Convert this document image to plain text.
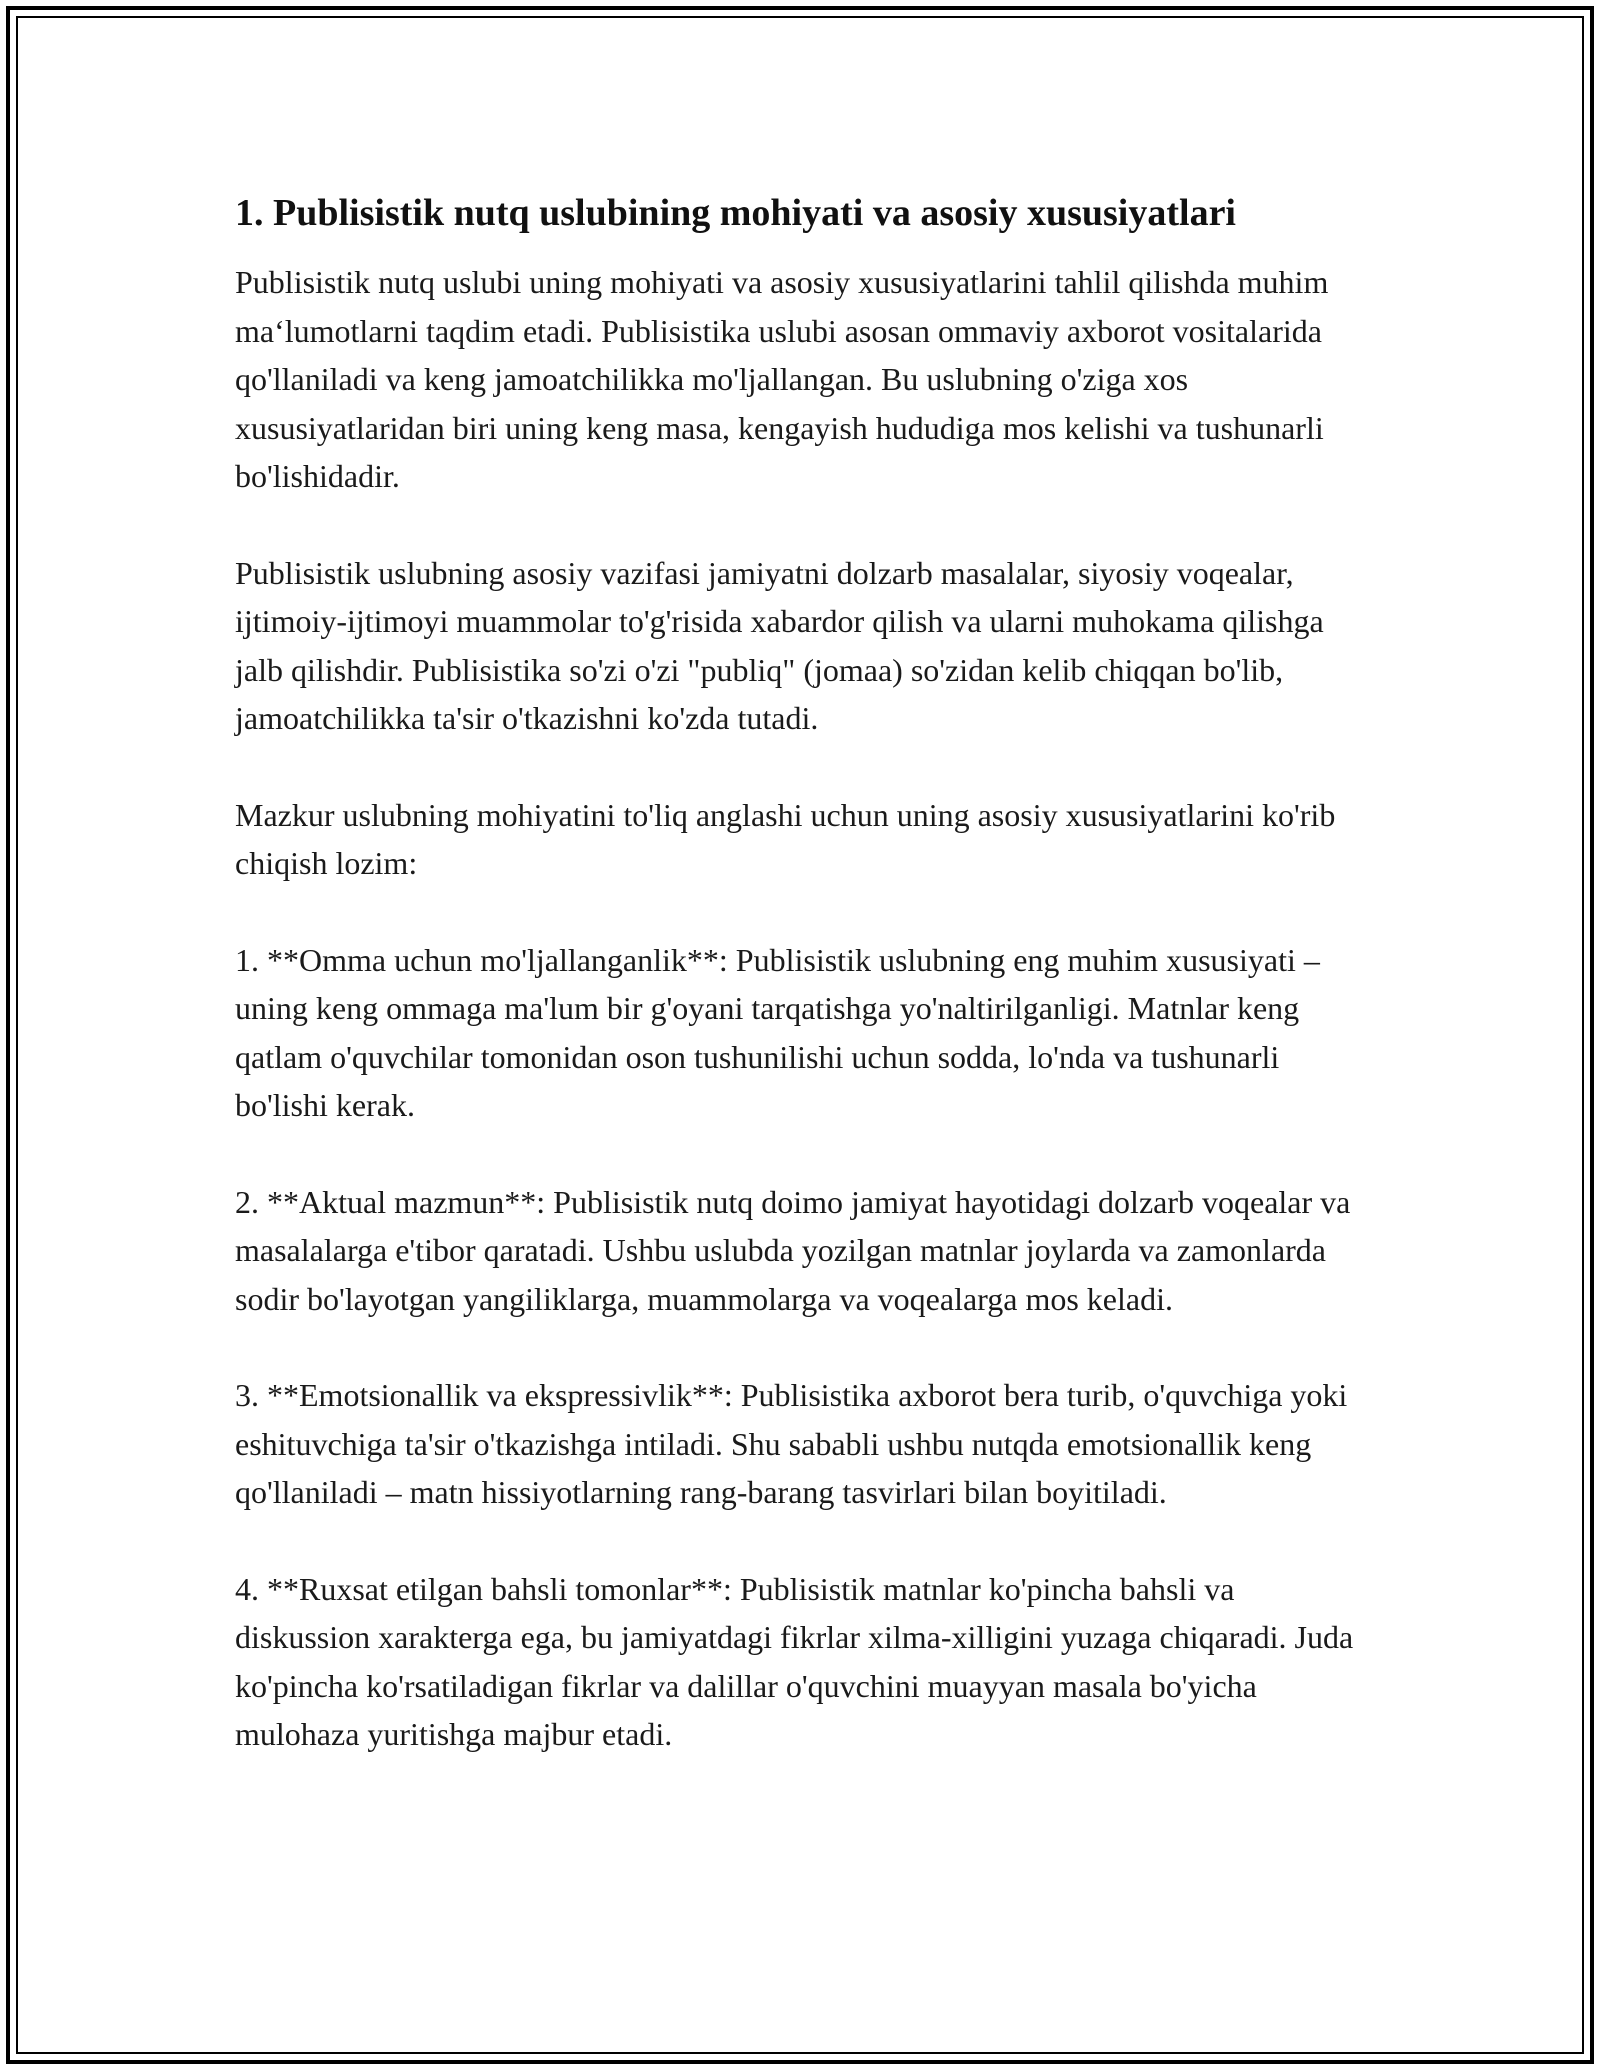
1. Publisistik nutq uslubining mohiyati va asosiy xususiyatlari

Publisistik nutq uslubi uning mohiyati va asosiy xususiyatlarini tahlil qilishda muhim ma‘lumotlarni taqdim etadi. Publisistika uslubi asosan ommaviy axborot vositalarida qo'llaniladi va keng jamoatchilikka mo'ljallangan. Bu uslubning o'ziga xos xususiyatlaridan biri uning keng masa, kengayish hududiga mos kelishi va tushunarli bo'lishidadir.

Publisistik uslubning asosiy vazifasi jamiyatni dolzarb masalalar, siyosiy voqealar, ijtimoiy-ijtimoyi muammolar to'g'risida xabardor qilish va ularni muhokama qilishga jalb qilishdir. Publisistika so'zi o'zi "publiq" (jomaa) so'zidan kelib chiqqan bo'lib, jamoatchilikka ta'sir o'tkazishni ko'zda tutadi.

Mazkur uslubning mohiyatini to'liq anglashi uchun uning asosiy xususiyatlarini ko'rib chiqish lozim:

1. **Omma uchun mo'ljallanganlik**: Publisistik uslubning eng muhim xususiyati – uning keng ommaga ma'lum bir g'oyani tarqatishga yo'naltirilganligi. Matnlar keng qatlam o'quvchilar tomonidan oson tushunilishi uchun sodda, lo'nda va tushunarli bo'lishi kerak.

2. **Aktual mazmun**: Publisistik nutq doimo jamiyat hayotidagi dolzarb voqealar va masalalarga e'tibor qaratadi. Ushbu uslubda yozilgan matnlar joylarda va zamonlarda sodir bo'layotgan yangiliklarga, muammolarga va voqealarga mos keladi.

3. **Emotsionallik va ekspressivlik**: Publisistika axborot bera turib, o'quvchiga yoki eshituvchiga ta'sir o'tkazishga intiladi. Shu sababli ushbu nutqda emotsionallik keng qo'llaniladi – matn hissiyotlarning rang-barang tasvirlari bilan boyitiladi.

4. **Ruxsat etilgan bahsli tomonlar**: Publisistik matnlar ko'pincha bahsli va diskussion xarakterga ega, bu jamiyatdagi fikrlar xilma-xilligini yuzaga chiqaradi. Juda ko'pincha ko'rsatiladigan fikrlar va dalillar o'quvchini muayyan masala bo'yicha mulohaza yuritishga majbur etadi.
